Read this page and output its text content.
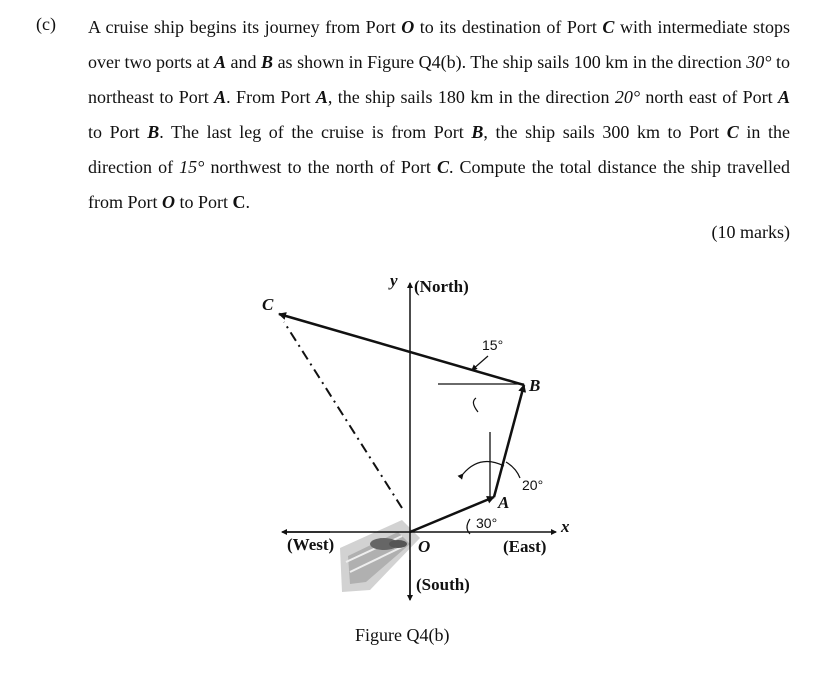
(c) A cruise ship begins its journey from Port O to its destination of Port C with intermediate stops over two ports at A and B as shown in Figure Q4(b). The ship sails 100 km in the direction 30° to northeast to Port A. From Port A, the ship sails 180 km in the direction 20° north east of Port A to Port B. The last leg of the cruise is from Port B, the ship sails 300 km to Port C in the direction of 15° northwest to the north of Port C. Compute the total distance the ship travelled from Port O to Port C.
(10 marks)
y (North)
(South)
(West)	(East)
x
O
A
B
C
30°
20°
15°
Figure Q4(b)
